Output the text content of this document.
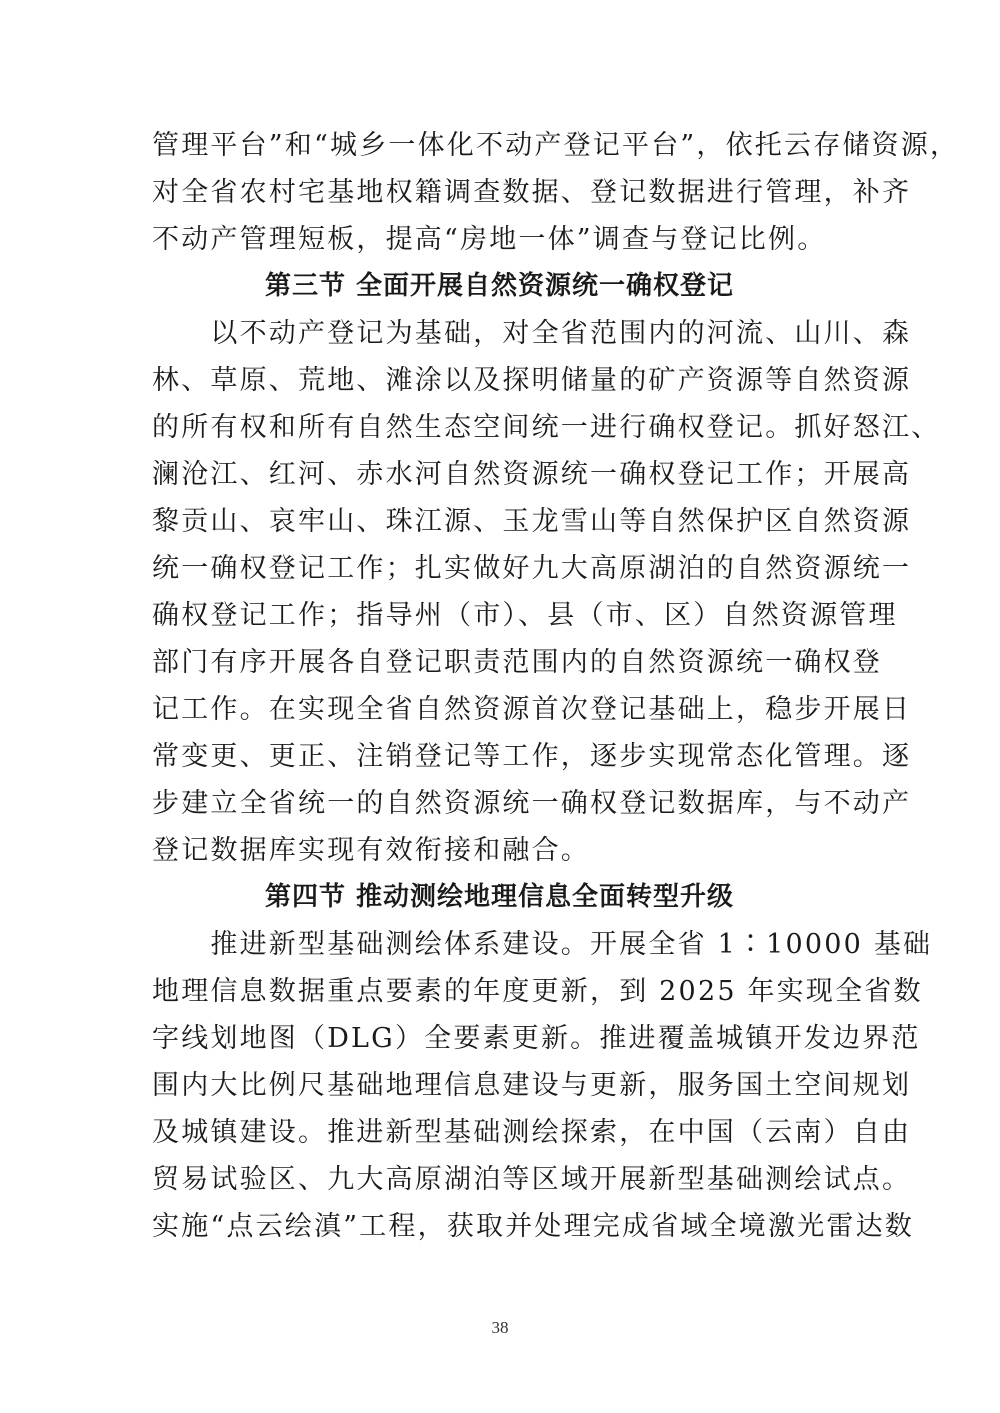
管理平台”和“城乡一体化不动产登记平台”，依托云存储资源，
对全省农村宅基地权籍调查数据、登记数据进行管理，补齐
不动产管理短板，提高“房地一体”调查与登记比例。
第三节 全面开展自然资源统一确权登记
　　以不动产登记为基础，对全省范围内的河流、山川、森
林、草原、荒地、滩涂以及探明储量的矿产资源等自然资源
的所有权和所有自然生态空间统一进行确权登记。抓好怒江、
澜沧江、红河、赤水河自然资源统一确权登记工作；开展高
黎贡山、哀牢山、珠江源、玉龙雪山等自然保护区自然资源
统一确权登记工作；扎实做好九大高原湖泊的自然资源统一
确权登记工作；指导州（市）、县（市、区）自然资源管理
部门有序开展各自登记职责范围内的自然资源统一确权登
记工作。在实现全省自然资源首次登记基础上，稳步开展日
常变更、更正、注销登记等工作，逐步实现常态化管理。逐
步建立全省统一的自然资源统一确权登记数据库，与不动产
登记数据库实现有效衔接和融合。
第四节 推动测绘地理信息全面转型升级
　　推进新型基础测绘体系建设。开展全省 1∶10000 基础
地理信息数据重点要素的年度更新，到 2025 年实现全省数
字线划地图（DLG）全要素更新。推进覆盖城镇开发边界范
围内大比例尺基础地理信息建设与更新，服务国土空间规划
及城镇建设。推进新型基础测绘探索，在中国（云南）自由
贸易试验区、九大高原湖泊等区域开展新型基础测绘试点。
实施“点云绘滇”工程，获取并处理完成省域全境激光雷达数
38
